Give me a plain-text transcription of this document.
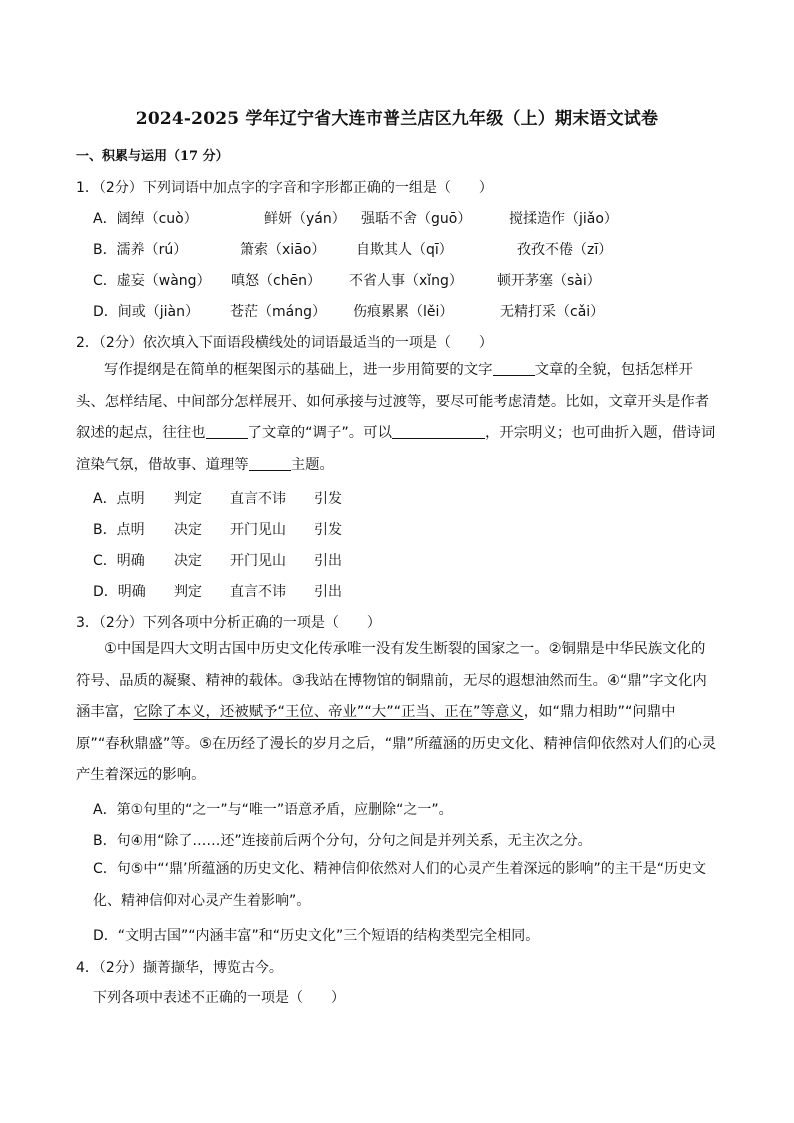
2024-2025 学年辽宁省大连市普兰店区九年级（上）期末语文试卷
一、积累与运用（17 分）
1．（2分）下列词语中加点字的字音和字形都正确的一组是（　　）
A．阔绰（cuò）	鲜妍（yán） 强聒不舍（guō）	搅揉造作（jiǎo）
B．濡养（rú）	箫索（xiāo） 自欺其人（qī）	孜孜不倦（zī）
C．虚妄（wàng） 嗔怒（chēn） 不省人事（xǐng） 顿开茅塞（sài）
D．间或（jiàn） 苍茫（máng） 伤痕累累（lěi）	无精打采（cǎi）
2．（2分）依次填入下面语段横线处的词语最适当的一项是（　　）

写作提纲是在简单的框架图示的基础上，进一步用简要的文字	文章的全貌，包括怎样开头、怎样结尾、中间部分怎样展开、如何承接与过渡等，要尽可能考虑清楚。比如，文章开头是作者叙述的起点，往往也	了文章的“调子”。可以	，开宗明义；也可曲折入题，借诗词渲染气氛，借故事、道理等	主题。

A．点明 判定 直言不讳 引发
B．点明 决定 开门见山 引发
C．明确 决定 开门见山 引出
D．明确 判定 直言不讳 引出
3．（2分）下列各项中分析正确的一项是（　　）

①中国是四大文明古国中历史文化传承唯一没有发生断裂的国家之一。②铜鼎是中华民族文化的符号、品质的凝聚、精神的载体。③我站在博物馆的铜鼎前，无尽的遐想油然而生。④“鼎”字文化内涵丰富，它除了本义，还被赋予“王位、帝业”“大”“正当、正在”等意义，如“鼎力相助”“问鼎中原”“春秋鼎盛”等。⑤在历经了漫长的岁月之后，“鼎”所蕴涵的历史文化、精神信仰依然对人们的心灵产生着深远的影响。

A．第①句里的“之一”与“唯一”语意矛盾，应删除“之一”。
B．句④用“除了……还”连接前后两个分句，分句之间是并列关系，无主次之分。

C．句⑤中“‘鼎’所蕴涵的历史文化、精神信仰依然对人们的心灵产生着深远的影响”的主干是“历史文化、精神信仰对心灵产生着影响”。

D．“文明古国”“内涵丰富”和“历史文化”三个短语的结构类型完全相同。
4．（2分）撷菁撷华，博览古今。
下列各项中表述不正确的一项是（　　）
